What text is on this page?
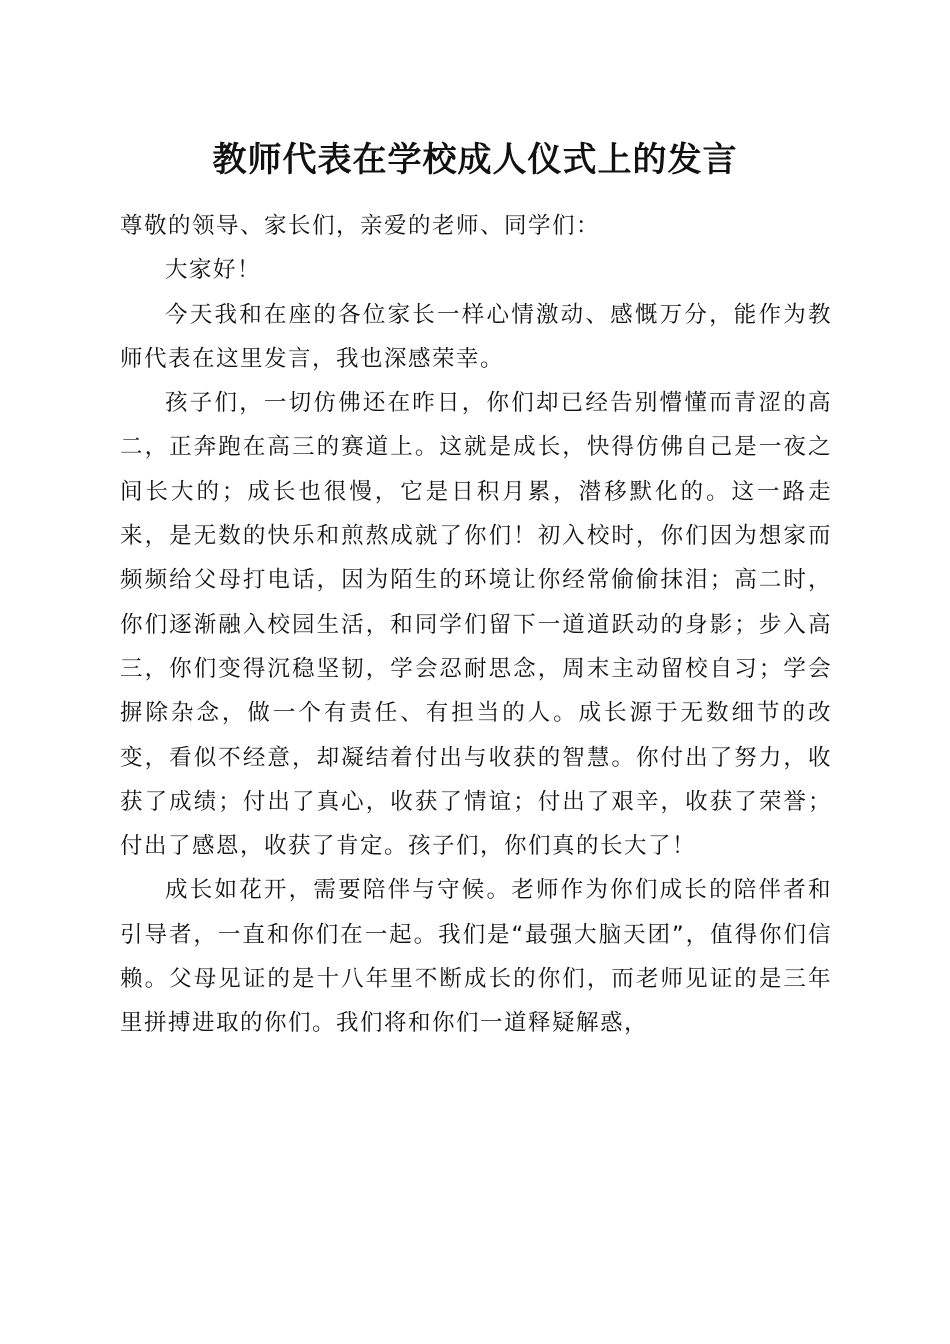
教师代表在学校成人仪式上的发言

尊敬的领导、家长们，亲爱的老师、同学们：

大家好！

今天我和在座的各位家长一样心情激动、感慨万分，能作为教师代表在这里发言，我也深感荣幸。

孩子们，一切仿佛还在昨日，你们却已经告别懵懂而青涩的高二，正奔跑在高三的赛道上。这就是成长，快得仿佛自己是一夜之间长大的；成长也很慢，它是日积月累，潜移默化的。这一路走来，是无数的快乐和煎熬成就了你们！初入校时，你们因为想家而频频给父母打电话，因为陌生的环境让你经常偷偷抹泪；高二时，你们逐渐融入校园生活，和同学们留下一道道跃动的身影；步入高三，你们变得沉稳坚韧，学会忍耐思念，周末主动留校自习；学会摒除杂念，做一个有责任、有担当的人。成长源于无数细节的改变，看似不经意，却凝结着付出与收获的智慧。你付出了努力，收获了成绩；付出了真心，收获了情谊；付出了艰辛，收获了荣誉；付出了感恩，收获了肯定。孩子们，你们真的长大了！

成长如花开，需要陪伴与守候。老师作为你们成长的陪伴者和引导者，一直和你们在一起。我们是“最强大脑天团”，值得你们信赖。父母见证的是十八年里不断成长的你们，而老师见证的是三年里拼搏进取的你们。我们将和你们一道释疑解惑，
